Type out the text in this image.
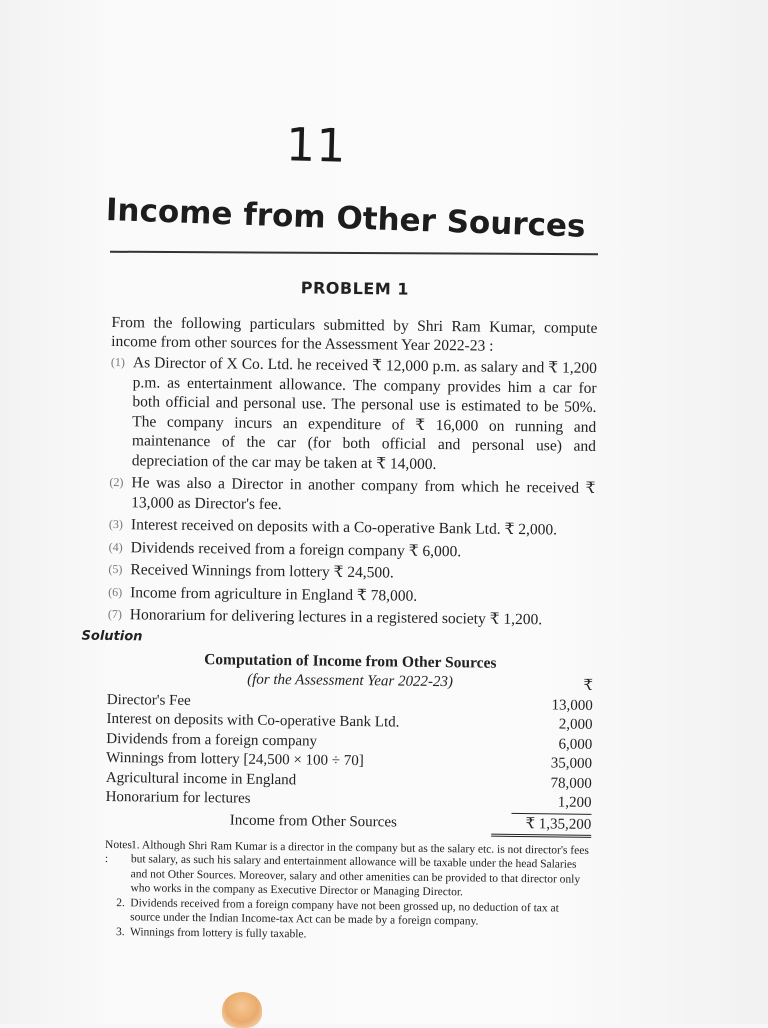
11
Income from Other Sources
PROBLEM 1
From the following particulars submitted by Shri Ram Kumar, compute income from other sources for the Assessment Year 2022-23 :
(1) As Director of X Co. Ltd. he received ₹ 12,000 p.m. as salary and ₹ 1,200 p.m. as entertainment allowance. The company provides him a car for both official and personal use. The personal use is estimated to be 50%. The company incurs an expenditure of ₹ 16,000 on running and maintenance of the car (for both official and personal use) and depreciation of the car may be taken at ₹ 14,000.
(2) He was also a Director in another company from which he received ₹ 13,000 as Director's fee.
(3) Interest received on deposits with a Co-operative Bank Ltd. ₹ 2,000.
(4) Dividends received from a foreign company ₹ 6,000.
(5) Received Winnings from lottery ₹ 24,500.
(6) Income from agriculture in England ₹ 78,000.
(7) Honorarium for delivering lectures in a registered society ₹ 1,200.
Solution
Computation of Income from Other Sources
(for the Assessment Year 2022-23)	₹
Director's Fee	13,000
Interest on deposits with Co-operative Bank Ltd.	2,000
Dividends from a foreign company	6,000
Winnings from lottery [24,500 × 100 ÷ 70]	35,000
Agricultural income in England	78,000
Honorarium for lectures	1,200
Income from Other Sources	₹ 1,35,200
Notes :
1. Although Shri Ram Kumar is a director in the company but as the salary etc. is not director's fees but salary, as such his salary and entertainment allowance will be taxable under the head Salaries and not Other Sources. Moreover, salary and other amenities can be provided to that director only who works in the company as Executive Director or Managing Director.
2. Dividends received from a foreign company have not been grossed up, no deduction of tax at source under the Indian Income-tax Act can be made by a foreign company.
3. Winnings from lottery is fully taxable.
